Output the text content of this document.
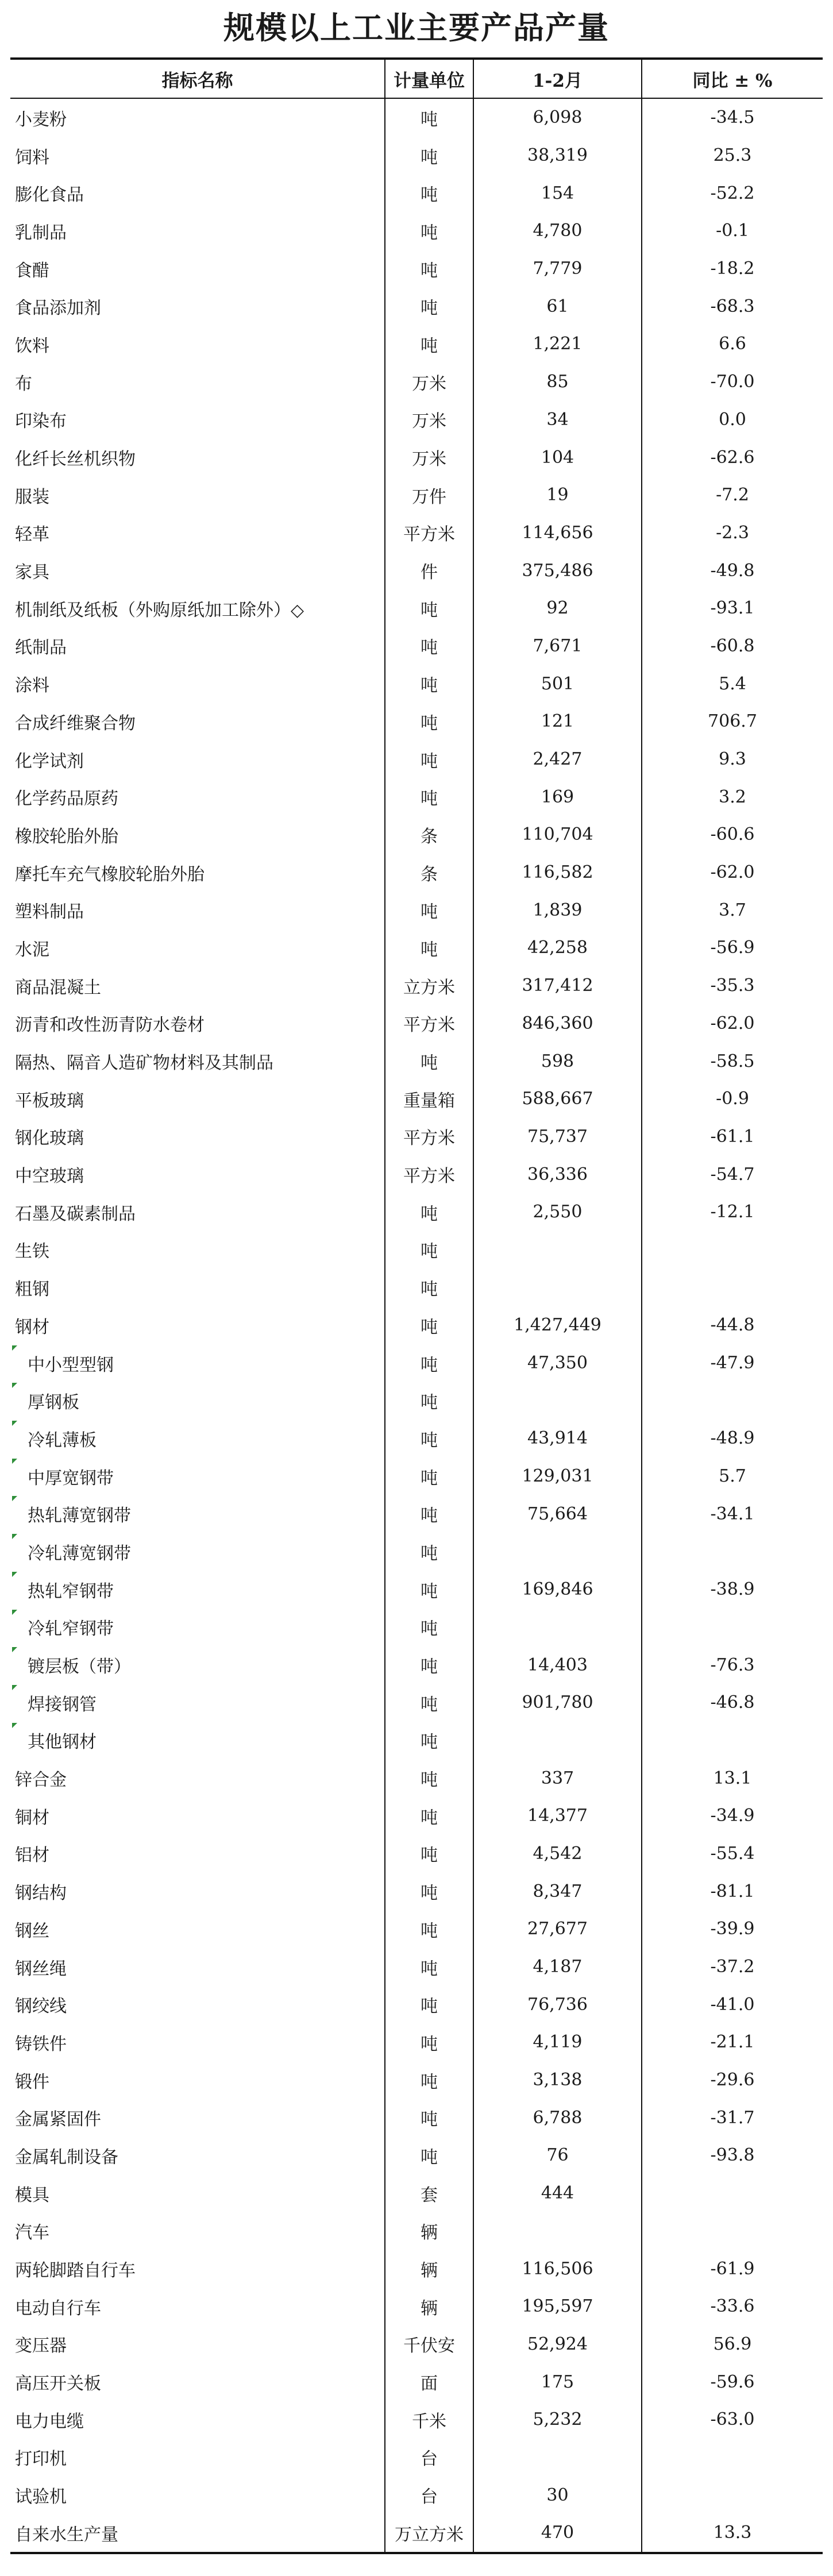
规模以上工业主要产品产量
指标名称	计量单位	1-2月	同比 ± %
小麦粉	吨	6,098	-34.5
饲料	吨	38,319	25.3
膨化食品	吨	154	-52.2
乳制品	吨	4,780	-0.1
食醋	吨	7,779	-18.2
食品添加剂	吨	61	-68.3
饮料	吨	1,221	6.6
布	万米	85	-70.0
印染布	万米	34	0.0
化纤长丝机织物	万米	104	-62.6
服装	万件	19	-7.2
轻革	平方米	114,656	-2.3
家具	件	375,486	-49.8
机制纸及纸板（外购原纸加工除外）◇	吨	92	-93.1
纸制品	吨	7,671	-60.8
涂料	吨	501	5.4
合成纤维聚合物	吨	121	706.7
化学试剂	吨	2,427	9.3
化学药品原药	吨	169	3.2
橡胶轮胎外胎	条	110,704	-60.6
摩托车充气橡胶轮胎外胎	条	116,582	-62.0
塑料制品	吨	1,839	3.7
水泥	吨	42,258	-56.9
商品混凝土	立方米	317,412	-35.3
沥青和改性沥青防水卷材	平方米	846,360	-62.0
隔热、隔音人造矿物材料及其制品	吨	598	-58.5
平板玻璃	重量箱	588,667	-0.9
钢化玻璃	平方米	75,737	-61.1
中空玻璃	平方米	36,336	-54.7
石墨及碳素制品	吨	2,550	-12.1
生铁	吨		
粗钢	吨		
钢材	吨	1,427,449	-44.8
中小型型钢	吨	47,350	-47.9
厚钢板	吨		
冷轧薄板	吨	43,914	-48.9
中厚宽钢带	吨	129,031	5.7
热轧薄宽钢带	吨	75,664	-34.1
冷轧薄宽钢带	吨		
热轧窄钢带	吨	169,846	-38.9
冷轧窄钢带	吨		
镀层板（带）	吨	14,403	-76.3
焊接钢管	吨	901,780	-46.8
其他钢材	吨		
锌合金	吨	337	13.1
铜材	吨	14,377	-34.9
铝材	吨	4,542	-55.4
钢结构	吨	8,347	-81.1
钢丝	吨	27,677	-39.9
钢丝绳	吨	4,187	-37.2
钢绞线	吨	76,736	-41.0
铸铁件	吨	4,119	-21.1
锻件	吨	3,138	-29.6
金属紧固件	吨	6,788	-31.7
金属轧制设备	吨	76	-93.8
模具	套	444	
汽车	辆		
两轮脚踏自行车	辆	116,506	-61.9
电动自行车	辆	195,597	-33.6
变压器	千伏安	52,924	56.9
高压开关板	面	175	-59.6
电力电缆	千米	5,232	-63.0
打印机	台		
试验机	台	30	
自来水生产量	万立方米	470	13.3
